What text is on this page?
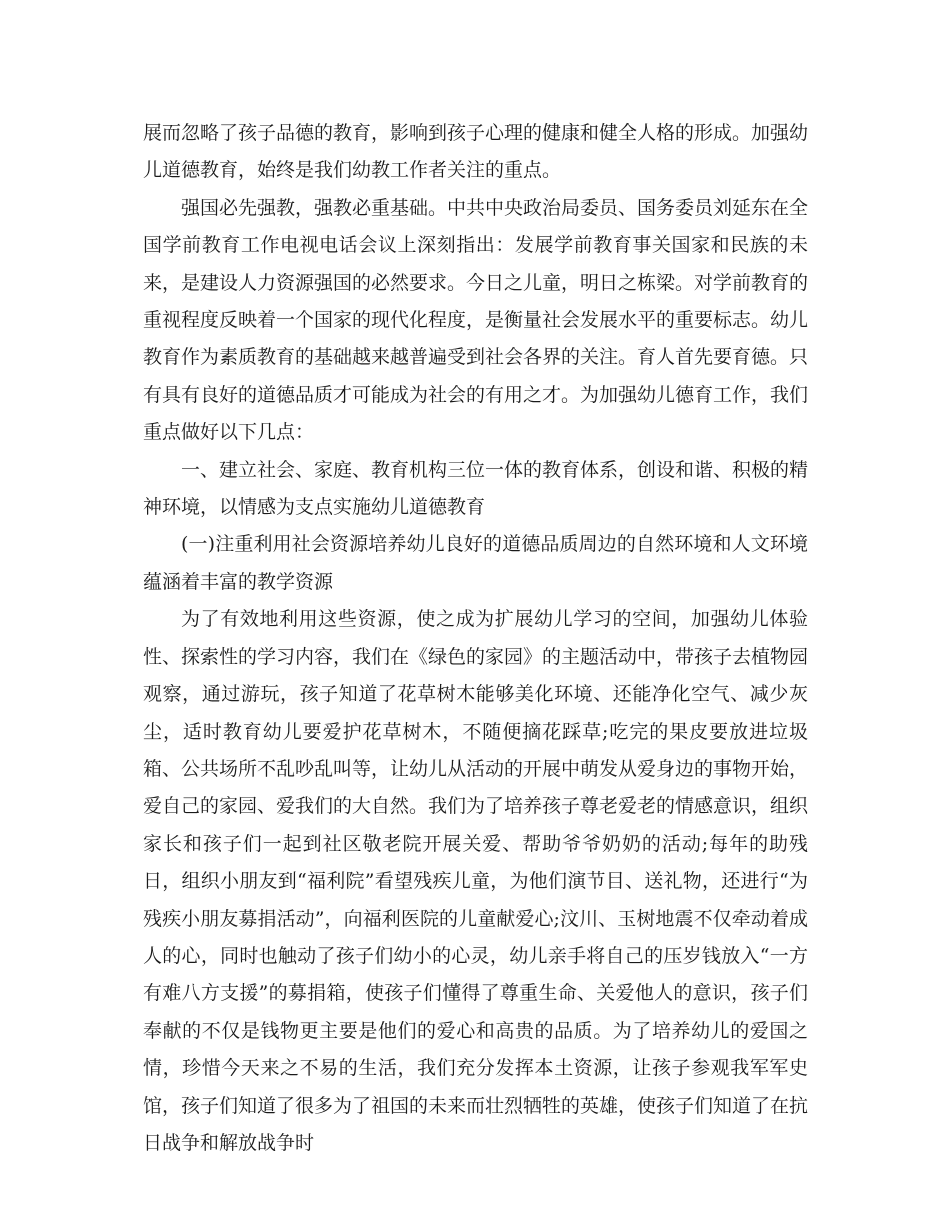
展而忽略了孩子品德的教育，影响到孩子心理的健康和健全人格的形成。加强幼儿道德教育，始终是我们幼教工作者关注的重点。

强国必先强教，强教必重基础。中共中央政治局委员、国务委员刘延东在全国学前教育工作电视电话会议上深刻指出：发展学前教育事关国家和民族的未来，是建设人力资源强国的必然要求。今日之儿童，明日之栋梁。对学前教育的重视程度反映着一个国家的现代化程度，是衡量社会发展水平的重要标志。幼儿教育作为素质教育的基础越来越普遍受到社会各界的关注。育人首先要育德。只有具有良好的道德品质才可能成为社会的有用之才。为加强幼儿德育工作，我们重点做好以下几点：

一、建立社会、家庭、教育机构三位一体的教育体系，创设和谐、积极的精神环境，以情感为支点实施幼儿道德教育

(一)注重利用社会资源培养幼儿良好的道德品质周边的自然环境和人文环境蕴涵着丰富的教学资源

为了有效地利用这些资源，使之成为扩展幼儿学习的空间，加强幼儿体验性、探索性的学习内容，我们在《绿色的家园》的主题活动中，带孩子去植物园观察，通过游玩，孩子知道了花草树木能够美化环境、还能净化空气、减少灰尘，适时教育幼儿要爱护花草树木，不随便摘花踩草;吃完的果皮要放进垃圾箱、公共场所不乱吵乱叫等，让幼儿从活动的开展中萌发从爱身边的事物开始，爱自己的家园、爱我们的大自然。我们为了培养孩子尊老爱老的情感意识，组织家长和孩子们一起到社区敬老院开展关爱、帮助爷爷奶奶的活动;每年的助残日，组织小朋友到“福利院”看望残疾儿童，为他们演节目、送礼物，还进行“为残疾小朋友募捐活动”，向福利医院的儿童献爱心;汶川、玉树地震不仅牵动着成人的心，同时也触动了孩子们幼小的心灵，幼儿亲手将自己的压岁钱放入“一方有难八方支援”的募捐箱，使孩子们懂得了尊重生命、关爱他人的意识，孩子们奉献的不仅是钱物更主要是他们的爱心和高贵的品质。为了培养幼儿的爱国之情，珍惜今天来之不易的生活，我们充分发挥本土资源，让孩子参观我军军史馆，孩子们知道了很多为了祖国的未来而壮烈牺牲的英雄，使孩子们知道了在抗日战争和解放战争时
